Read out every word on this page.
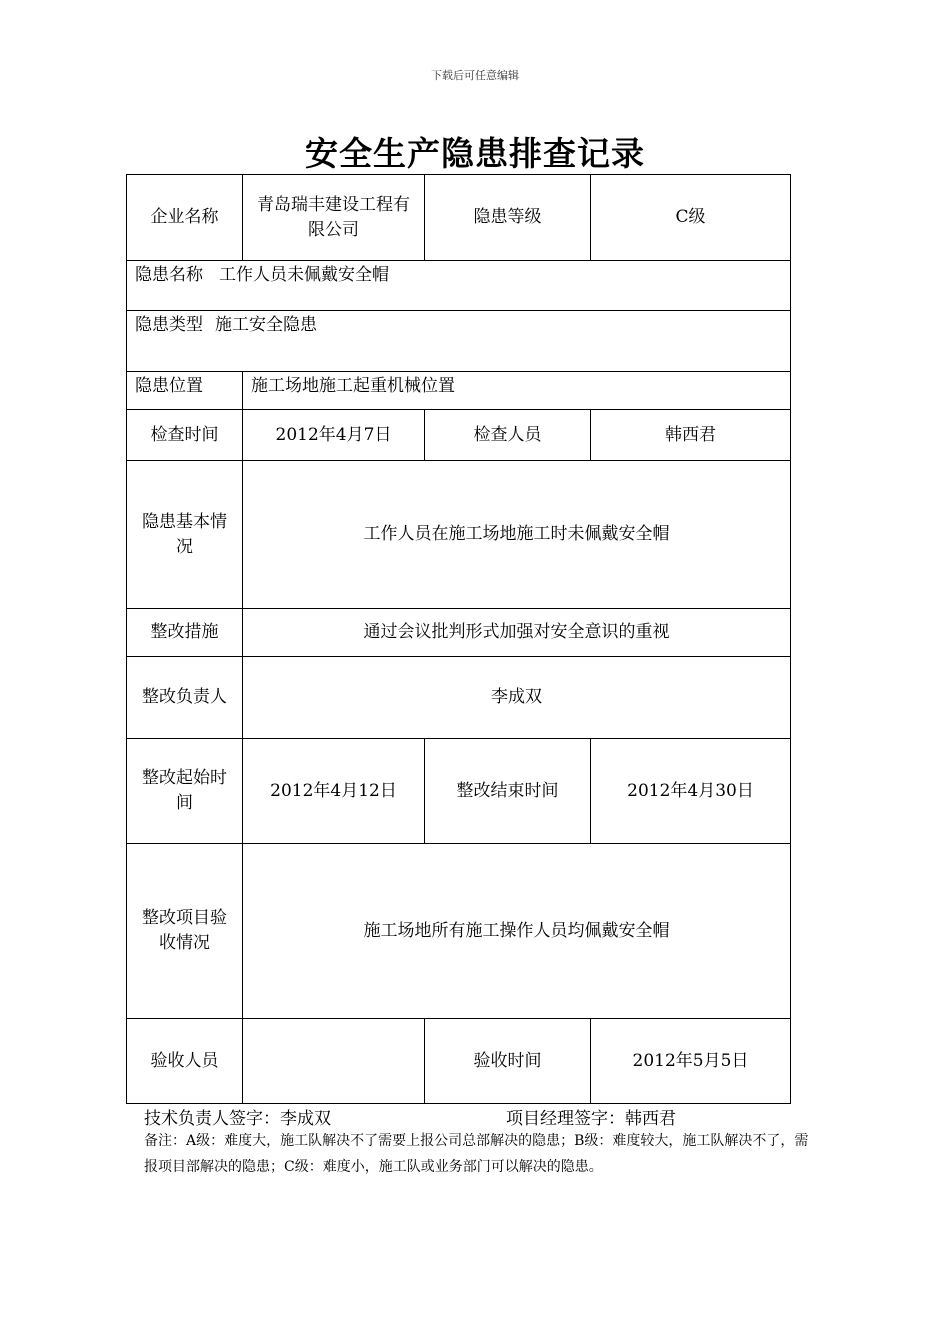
下载后可任意编辑
安全生产隐患排查记录
企业名称	青岛瑞丰建设工程有限公司	隐患等级	C级
隐患名称 工作人员未佩戴安全帽			
隐患类型 施工安全隐患			
隐患位置	施工场地施工起重机械位置		
检查时间	2012年4月7日	检查人员	韩西君
隐患基本情况	工作人员在施工场地施工时未佩戴安全帽		
整改措施	通过会议批判形式加强对安全意识的重视		
整改负责人	李成双		
整改起始时间	2012年4月12日	整改结束时间	2012年4月30日
整改项目验收情况	施工场地所有施工操作人员均佩戴安全帽		
验收人员		验收时间	2012年5月5日
技术负责人签字：李成双	项目经理签字：韩西君
备注：A级：难度大，施工队解决不了需要上报公司总部解决的隐患；B级：难度较大，施工队解决不了，需报项目部解决的隐患；C级：难度小，施工队或业务部门可以解决的隐患。
